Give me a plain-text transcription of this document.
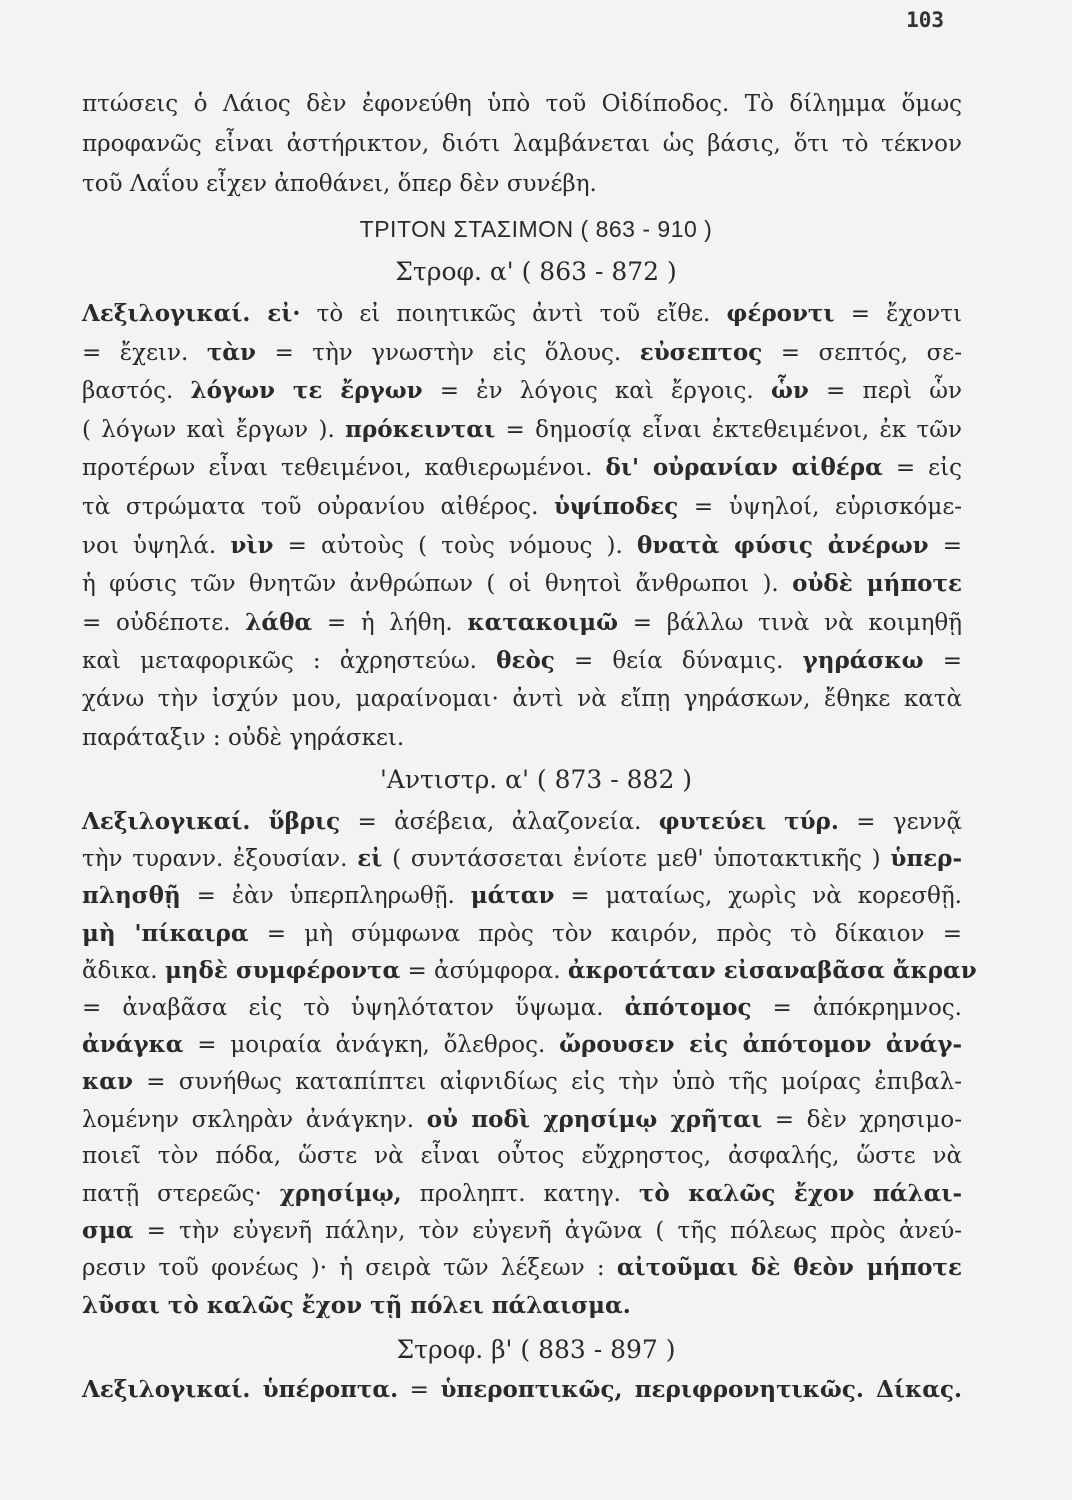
103
πτώσεις ὁ Λάιος δὲν ἐφονεύθη ὑπὸ τοῦ Οἰδίποδος. Τὸ δίλημμα ὅμως
προφανῶς εἶναι ἀστήρικτον, διότι λαμβάνεται ὡς βάσις, ὅτι τὸ τέκνον
τοῦ Λαΐου εἶχεν ἀποθάνει, ὅπερ δὲν συνέβη.
ΤΡΙΤΟΝ ΣΤΑΣΙΜΟΝ ( 863 - 910 )
Στροφ. α' ( 863 - 872 )
Λεξιλογικαί. εἰ· τὸ εἰ ποιητικῶς ἀντὶ τοῦ εἴθε. φέροντι = ἔχοντι
= ἔχειν. τὰν = τὴν γνωστὴν εἰς ὅλους. εὐσεπτος = σεπτός, σε-
βαστός. λόγων τε ἔργων = ἐν λόγοις καὶ ἔργοις. ὧν = περὶ ὧν
( λόγων καὶ ἔργων ). πρόκεινται = δημοσίᾳ εἶναι ἐκτεθειμένοι, ἐκ τῶν
προτέρων εἶναι τεθειμένοι, καθιερωμένοι. δι' οὐρανίαν αἰθέρα = εἰς
τὰ στρώματα τοῦ οὐρανίου αἰθέρος. ὑψίποδες = ὑψηλοί, εὑρισκόμε-
νοι ὑψηλά. νὶν = αὐτοὺς ( τοὺς νόμους ). θνατὰ φύσις ἀνέρων =
ἡ φύσις τῶν θνητῶν ἀνθρώπων ( οἱ θνητοὶ ἄνθρωποι ). οὐδὲ μήποτε
= οὐδέποτε. λάθα = ἡ λήθη. κατακοιμῶ = βάλλω τινὰ νὰ κοιμηθῇ
καὶ μεταφορικῶς : ἀχρηστεύω. θεὸς = θεία δύναμις. γηράσκω =
χάνω τὴν ἰσχύν μου, μαραίνομαι· ἀντὶ νὰ εἴπῃ γηράσκων, ἔθηκε κατὰ
παράταξιν : οὐδὲ γηράσκει.
'Αντιστρ. α' ( 873 - 882 )
Λεξιλογικαί. ὕβρις = ἀσέβεια, ἀλαζονεία. φυτεύει τύρ. = γεννᾷ
τὴν τυρανν. ἐξουσίαν. εἰ ( συντάσσεται ἐνίοτε μεθ' ὑποτακτικῆς ) ὑπερ-
πλησθῇ = ἐὰν ὑπερπληρωθῇ. μάταν = ματαίως, χωρὶς νὰ κορεσθῇ.
μὴ 'πίκαιρα = μὴ σύμφωνα πρὸς τὸν καιρόν, πρὸς τὸ δίκαιον =
ἄδικα. μηδὲ συμφέροντα = ἀσύμφορα. ἀκροτάταν εἰσαναβᾶσα ἄκραν
= ἀναβᾶσα εἰς τὸ ὑψηλότατον ὕψωμα. ἀπότομος = ἀπόκρημνος.
ἀνάγκα = μοιραία ἀνάγκη, ὄλεθρος. ὤρουσεν εἰς ἀπότομον ἀνάγ-
καν = συνήθως καταπίπτει αἰφνιδίως εἰς τὴν ὑπὸ τῆς μοίρας ἐπιβαλ-
λομένην σκληρὰν ἀνάγκην. οὐ ποδὶ χρησίμῳ χρῆται = δὲν χρησιμο-
ποιεῖ τὸν πόδα, ὥστε νὰ εἶναι οὗτος εὔχρηστος, ἀσφαλής, ὥστε νὰ
πατῇ στερεῶς· χρησίμῳ, προληπτ. κατηγ. τὸ καλῶς ἔχον πάλαι-
σμα = τὴν εὐγενῆ πάλην, τὸν εὐγενῆ ἀγῶνα ( τῆς πόλεως πρὸς ἀνεύ-
ρεσιν τοῦ φονέως )· ἡ σειρὰ τῶν λέξεων : αἰτοῦμαι δὲ θεὸν μήποτε
λῦσαι τὸ καλῶς ἔχον τῇ πόλει πάλαισμα.
Στροφ. β' ( 883 - 897 )
Λεξιλογικαί. ὑπέροπτα. = ὑπεροπτικῶς, περιφρονητικῶς. Δίκας.
